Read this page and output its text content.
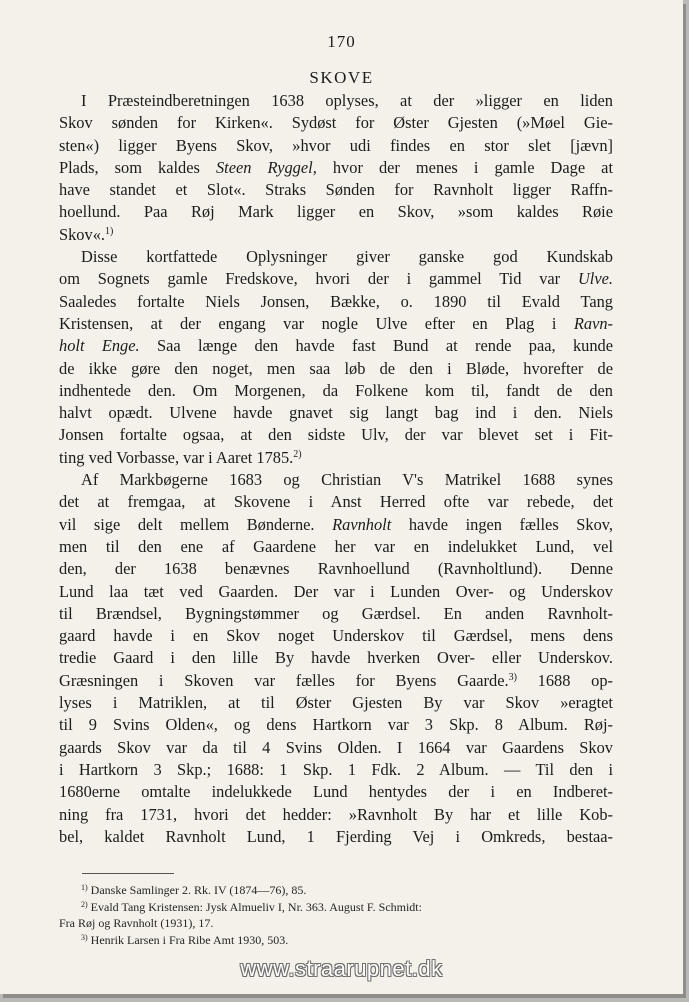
170
SKOVE
I Præsteindberetningen 1638 oplyses, at der »ligger en liden
Skov sønden for Kirken«. Sydøst for Øster Gjesten (»Møel Gie-
sten«) ligger Byens Skov, »hvor udi findes en stor slet [jævn]
Plads, som kaldes Steen Ryggel, hvor der menes i gamle Dage at
have standet et Slot«. Straks Sønden for Ravnholt ligger Raffn-
hoellund. Paa Røj Mark ligger en Skov, »som kaldes Røie
Skov«.$^{1)}$
Disse kortfattede Oplysninger giver ganske god Kundskab
om Sognets gamle Fredskove, hvori der i gammel Tid var Ulve.
Saaledes fortalte Niels Jonsen, Bække, o. 1890 til Evald Tang
Kristensen, at der engang var nogle Ulve efter en Plag i Ravn-
holt Enge. Saa længe den havde fast Bund at rende paa, kunde
de ikke gøre den noget, men saa løb de den i Bløde, hvorefter de
indhentede den. Om Morgenen, da Folkene kom til, fandt de den
halvt opædt. Ulvene havde gnavet sig langt bag ind i den. Niels
Jonsen fortalte ogsaa, at den sidste Ulv, der var blevet set i Fit-
ting ved Vorbasse, var i Aaret 1785.$^{2)}$
Af Markbøgerne 1683 og Christian V's Matrikel 1688 synes
det at fremgaa, at Skovene i Anst Herred ofte var rebede, det
vil sige delt mellem Bønderne. Ravnholt havde ingen fælles Skov,
men til den ene af Gaardene her var en indelukket Lund, vel
den, der 1638 benævnes Ravnhoellund (Ravnholtlund). Denne
Lund laa tæt ved Gaarden. Der var i Lunden Over- og Underskov
til Brændsel, Bygningstømmer og Gærdsel. En anden Ravnholt-
gaard havde i en Skov noget Underskov til Gærdsel, mens dens
tredie Gaard i den lille By havde hverken Over- eller Underskov.
Græsningen i Skoven var fælles for Byens Gaarde.$^{3)}$ 1688 op-
lyses i Matriklen, at til Øster Gjesten By var Skov »eragtet
til 9 Svins Olden«, og dens Hartkorn var 3 Skp. 8 Album. Røj-
gaards Skov var da til 4 Svins Olden. I 1664 var Gaardens Skov
i Hartkorn 3 Skp.; 1688: 1 Skp. 1 Fdk. 2 Album. — Til den i
1680erne omtalte indelukkede Lund hentydes der i en Indberet-
ning fra 1731, hvori det hedder: »Ravnholt By har et lille Kob-
bel, kaldet Ravnholt Lund, 1 Fjerding Vej i Omkreds, bestaa-
$^{1)}$ Danske Samlinger 2. Rk. IV (1874—76), 85.
$^{2)}$ Evald Tang Kristensen: Jysk Almueliv I, Nr. 363. August F. Schmidt:
Fra Røj og Ravnholt (1931), 17.
$^{3)}$ Henrik Larsen i Fra Ribe Amt 1930, 503.
www.straarupnet.dk
